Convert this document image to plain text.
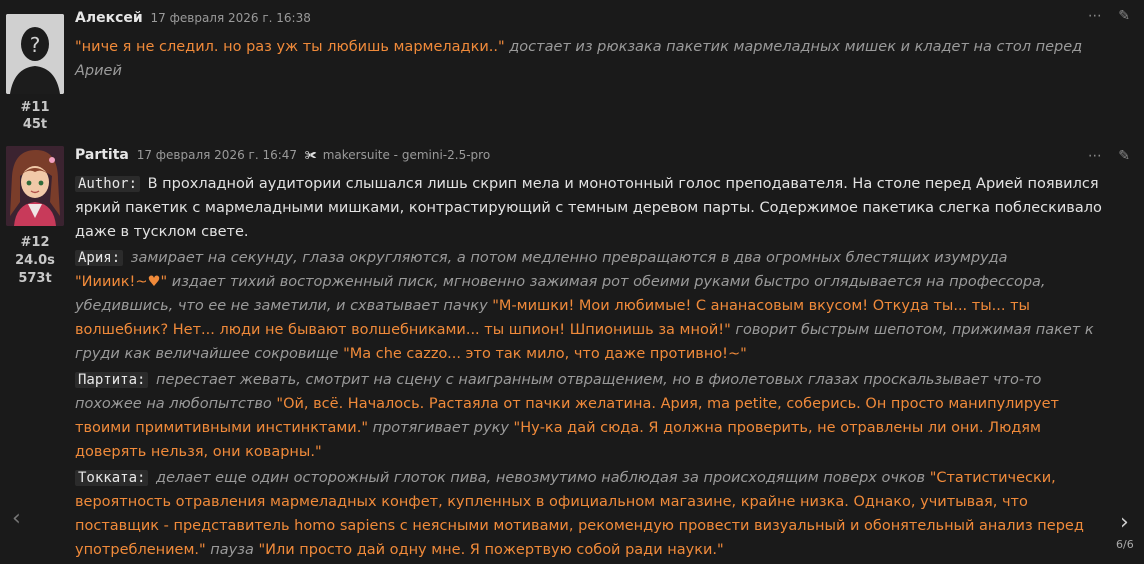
?
#11
45t
Алексей 17 февраля 2026 г. 16:38	⋯ ✎
"ниче я не следил. но раз уж ты любишь мармеладки.." достает из рюкзака пакетик мармеладных мишек и кладет на стол перед Арией
#12
24.0s
573t
Partita 17 февраля 2026 г. 16:47 ✀ makersuite - gemini-2.5-pro	⋯ ✎
Author: В прохладной аудитории слышался лишь скрип мела и монотонный голос преподавателя. На столе перед Арией появился яркий пакетик с мармеладными мишками, контрастирующий с темным деревом парты. Содержимое пакетика слегка поблескивало даже в тусклом свете.
Ария: замирает на секунду, глаза округляются, а потом медленно превращаются в два огромных блестящих изумруда "Иииик!~♥" издает тихий восторженный писк, мгновенно зажимая рот обеими руками быстро оглядывается на профессора, убедившись, что ее не заметили, и схватывает пачку "М-мишки! Мои любимые! С ананасовым вкусом! Откуда ты... ты... ты волшебник? Нет... люди не бывают волшебниками... ты шпион! Шпионишь за мной!" говорит быстрым шепотом, прижимая пакет к груди как величайшее сокровище "Ma che cazzo... это так мило, что даже противно!~"
Партита: перестает жевать, смотрит на сцену с наигранным отвращением, но в фиолетовых глазах проскальзывает что-то похожее на любопытство "Ой, всё. Началось. Растаяла от пачки желатина. Ария, ma petite, соберись. Он просто манипулирует твоими примитивными инстинктами." протягивает руку "Ну-ка дай сюда. Я должна проверить, не отравлены ли они. Людям доверять нельзя, они коварны."
Токката: делает еще один осторожный глоток пива, невозмутимо наблюдая за происходящим поверх очков "Статистически, вероятность отравления мармеладных конфет, купленных в официальном магазине, крайне низка. Однако, учитывая, что поставщик - представитель homo sapiens с неясными мотивами, рекомендую провести визуальный и обонятельный анализ перед употреблением." пауза "Или просто дай одну мне. Я пожертвую собой ради науки."
‹	›
6/6
